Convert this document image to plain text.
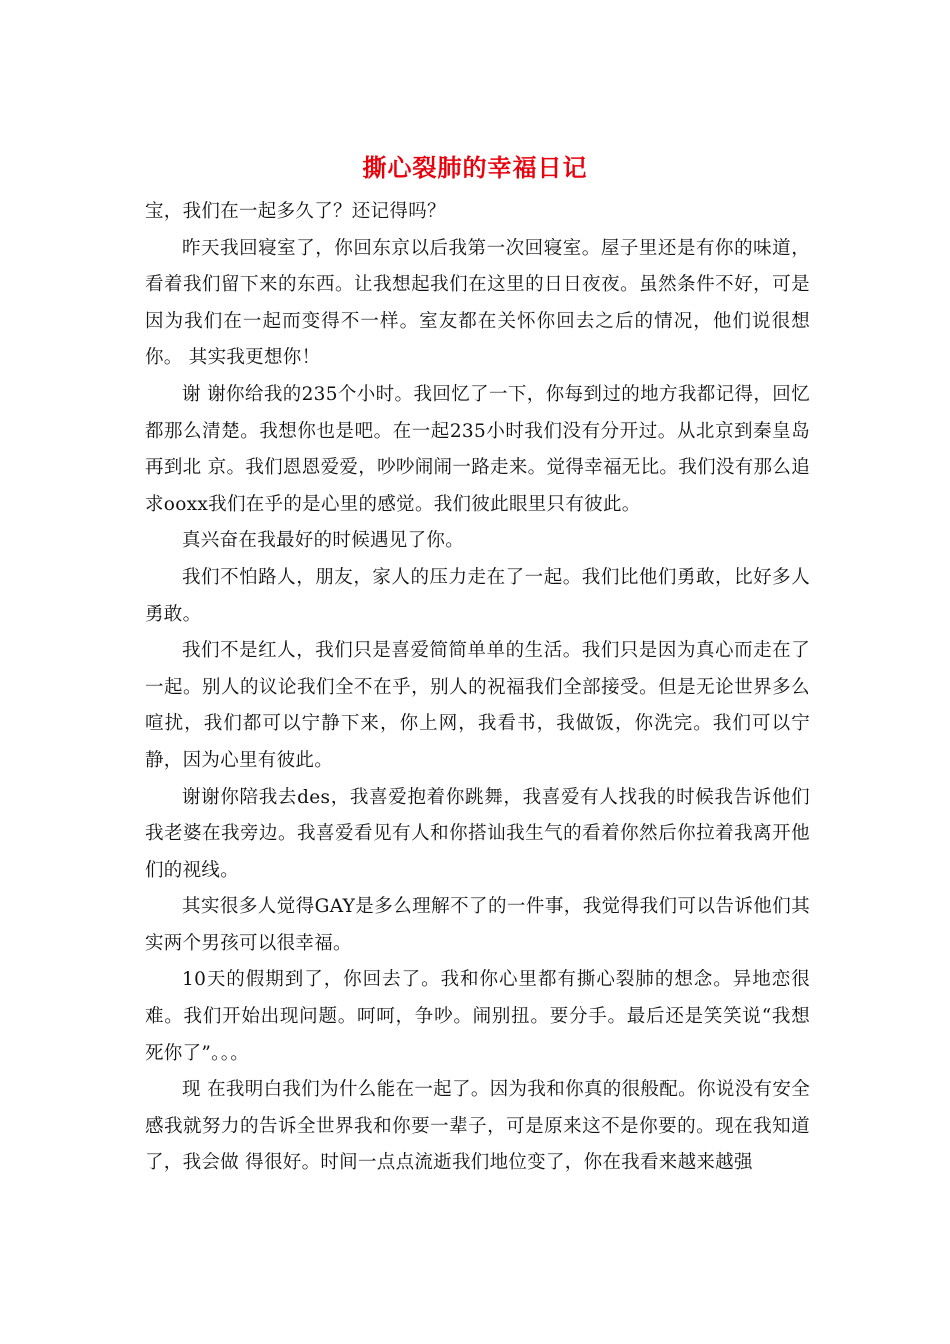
撕心裂肺的幸福日记

宝，我们在一起多久了？还记得吗？

昨天我回寝室了，你回东京以后我第一次回寝室。屋子里还是有你的味道，看着我们留下来的东西。让我想起我们在这里的日日夜夜。虽然条件不好，可是因为我们在一起而变得不一样。室友都在关怀你回去之后的情况，他们说很想你。 其实我更想你！

谢 谢你给我的235个小时。我回忆了一下，你每到过的地方我都记得，回忆都那么清楚。我想你也是吧。在一起235小时我们没有分开过。从北京到秦皇岛再到北 京。我们恩恩爱爱，吵吵闹闹一路走来。觉得幸福无比。我们没有那么追求ooxx我们在乎的是心里的感觉。我们彼此眼里只有彼此。

真兴奋在我最好的时候遇见了你。

我们不怕路人，朋友，家人的压力走在了一起。我们比他们勇敢，比好多人勇敢。

我们不是红人，我们只是喜爱简简单单的生活。我们只是因为真心而走在了一起。别人的议论我们全不在乎，别人的祝福我们全部接受。但是无论世界多么喧扰，我们都可以宁静下来，你上网，我看书，我做饭，你洗完。我们可以宁静，因为心里有彼此。

谢谢你陪我去des，我喜爱抱着你跳舞，我喜爱有人找我的时候我告诉他们我老婆在我旁边。我喜爱看见有人和你搭讪我生气的看着你然后你拉着我离开他们的视线。

其实很多人觉得GAY是多么理解不了的一件事，我觉得我们可以告诉他们其实两个男孩可以很幸福。

10天的假期到了，你回去了。我和你心里都有撕心裂肺的想念。异地恋很难。我们开始出现问题。呵呵，争吵。闹别扭。要分手。最后还是笑笑说“我想死你了”。。。

现 在我明白我们为什么能在一起了。因为我和你真的很般配。你说没有安全感我就努力的告诉全世界我和你要一辈子，可是原来这不是你要的。现在我知道了，我会做 得很好。时间一点点流逝我们地位变了，你在我看来越来越强
